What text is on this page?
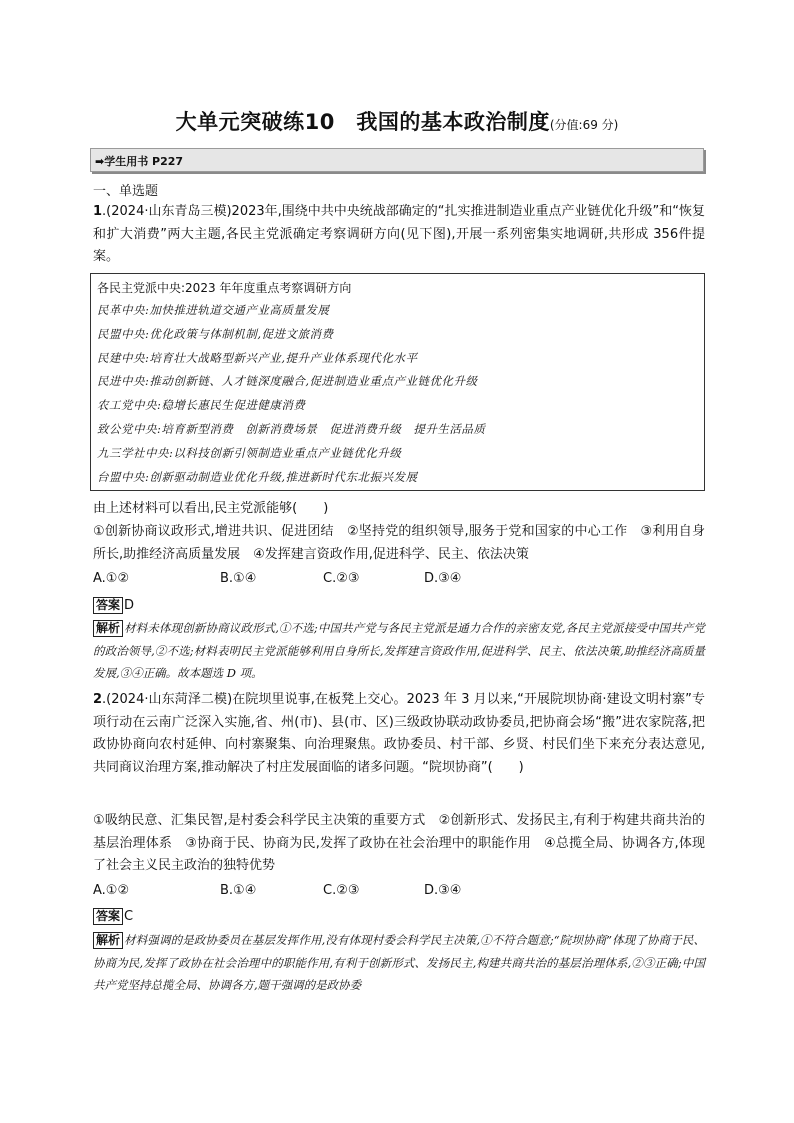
大单元突破练10　我国的基本政治制度(分值:69 分)
➡学生用书 P227
一、单选题
1.(2024·山东青岛三模)2023年,围绕中共中央统战部确定的“扎实推进制造业重点产业链优化升级”和“恢复和扩大消费”两大主题,各民主党派确定考察调研方向(见下图),开展一系列密集实地调研,共形成 356件提案。
各民主党派中央:2023 年年度重点考察调研方向
民革中央:加快推进轨道交通产业高质量发展
民盟中央:优化政策与体制机制,促进文旅消费
民建中央:培育壮大战略型新兴产业,提升产业体系现代化水平
民进中央:推动创新链、人才链深度融合,促进制造业重点产业链优化升级
农工党中央:稳增长惠民生促进健康消费
致公党中央:培育新型消费　创新消费场景　促进消费升级　提升生活品质
九三学社中央:以科技创新引领制造业重点产业链优化升级
台盟中央:创新驱动制造业优化升级,推进新时代东北振兴发展
由上述材料可以看出,民主党派能够(　　)
①创新协商议政形式,增进共识、促进团结　②坚持党的组织领导,服务于党和国家的中心工作　③利用自身所长,助推经济高质量发展　④发挥建言资政作用,促进科学、民主、依法决策
A.①②	B.①④	C.②③	D.③④
答案 D
解析 材料未体现创新协商议政形式,①不选;中国共产党与各民主党派是通力合作的亲密友党,各民主党派接受中国共产党的政治领导,②不选;材料表明民主党派能够利用自身所长,发挥建言资政作用,促进科学、民主、依法决策,助推经济高质量发展,③④正确。故本题选 D 项。
2.(2024·山东菏泽二模)在院坝里说事,在板凳上交心。2023 年 3 月以来,“开展院坝协商·建设文明村寨”专项行动在云南广泛深入实施,省、州(市)、县(市、区)三级政协联动政协委员,把协商会场“搬”进农家院落,把政协协商向农村延伸、向村寨聚集、向治理聚焦。政协委员、村干部、乡贤、村民们坐下来充分表达意见,共同商议治理方案,推动解决了村庄发展面临的诸多问题。“院坝协商”(　　)
①吸纳民意、汇集民智,是村委会科学民主决策的重要方式　②创新形式、发扬民主,有利于构建共商共治的基层治理体系　③协商于民、协商为民,发挥了政协在社会治理中的职能作用　④总揽全局、协调各方,体现了社会主义民主政治的独特优势
A.①②	B.①④	C.②③	D.③④
答案 C
解析 材料强调的是政协委员在基层发挥作用,没有体现村委会科学民主决策,①不符合题意;“院坝协商”体现了协商于民、协商为民,发挥了政协在社会治理中的职能作用,有利于创新形式、发扬民主,构建共商共治的基层治理体系,②③正确;中国共产党坚持总揽全局、协调各方,题干强调的是政协委
